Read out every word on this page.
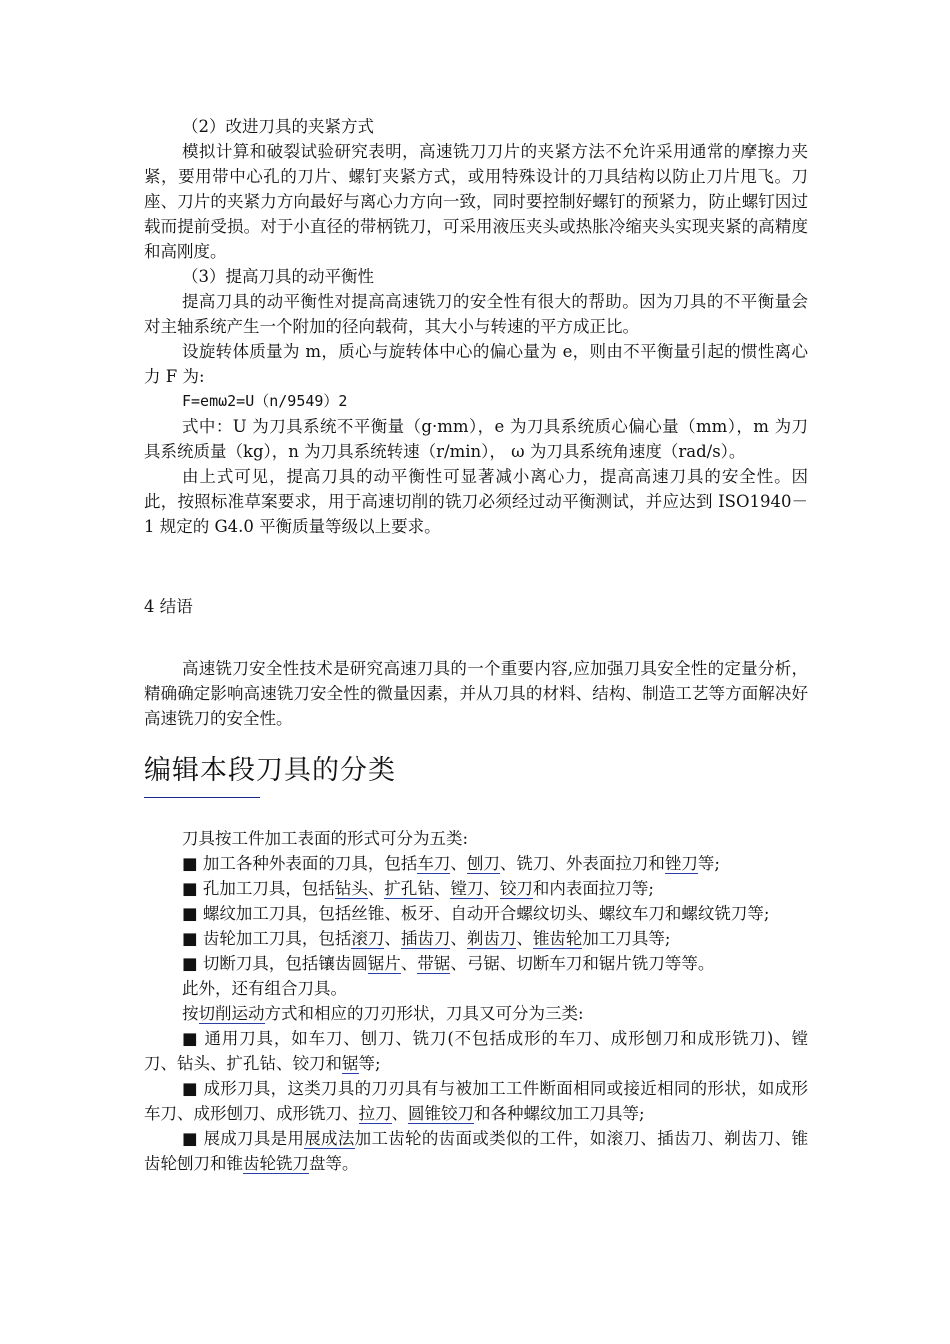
（2）改进刀具的夹紧方式

模拟计算和破裂试验研究表明，高速铣刀刀片的夹紧方法不允许采用通常的摩擦力夹紧，要用带中心孔的刀片、螺钉夹紧方式，或用特殊设计的刀具结构以防止刀片甩飞。刀座、刀片的夹紧力方向最好与离心力方向一致，同时要控制好螺钉的预紧力，防止螺钉因过载而提前受损。对于小直径的带柄铣刀，可采用液压夹头或热胀冷缩夹头实现夹紧的高精度和高刚度。

（3）提高刀具的动平衡性

提高刀具的动平衡性对提高高速铣刀的安全性有很大的帮助。因为刀具的不平衡量会对主轴系统产生一个附加的径向载荷，其大小与转速的平方成正比。

设旋转体质量为 m，质心与旋转体中心的偏心量为 e，则由不平衡量引起的惯性离心力 F 为:

F=emω2=U（n/9549）2

式中：U 为刀具系统不平衡量（g·mm），e 为刀具系统质心偏心量（mm），m 为刀具系统质量（kg），n 为刀具系统转速（r/min）， ω 为刀具系统角速度（rad/s）。

由上式可见，提高刀具的动平衡性可显著减小离心力，提高高速刀具的安全性。因此，按照标准草案要求，用于高速切削的铣刀必须经过动平衡测试，并应达到 ISO1940－1 规定的 G4.0 平衡质量等级以上要求。

4 结语

高速铣刀安全性技术是研究高速刀具的一个重要内容,应加强刀具安全性的定量分析，精确确定影响高速铣刀安全性的微量因素，并从刀具的材料、结构、制造工艺等方面解决好高速铣刀的安全性。

编辑本段刀具的分类

刀具按工件加工表面的形式可分为五类:

■ 加工各种外表面的刀具，包括车刀、刨刀、铣刀、外表面拉刀和锉刀等;

■ 孔加工刀具，包括钻头、扩孔钻、镗刀、铰刀和内表面拉刀等;

■ 螺纹加工刀具，包括丝锥、板牙、自动开合螺纹切头、螺纹车刀和螺纹铣刀等;

■ 齿轮加工刀具，包括滚刀、插齿刀、剃齿刀、锥齿轮加工刀具等;

■ 切断刀具，包括镶齿圆锯片、带锯、弓锯、切断车刀和锯片铣刀等等。

此外，还有组合刀具。

按切削运动方式和相应的刀刃形状，刀具又可分为三类:

■ 通用刀具，如车刀、刨刀、铣刀(不包括成形的车刀、成形刨刀和成形铣刀)、镗刀、钻头、扩孔钻、铰刀和锯等;

■ 成形刀具，这类刀具的刀刃具有与被加工工件断面相同或接近相同的形状，如成形车刀、成形刨刀、成形铣刀、拉刀、圆锥铰刀和各种螺纹加工刀具等;

■ 展成刀具是用展成法加工齿轮的齿面或类似的工件，如滚刀、插齿刀、剃齿刀、锥齿轮刨刀和锥齿轮铣刀盘等。
